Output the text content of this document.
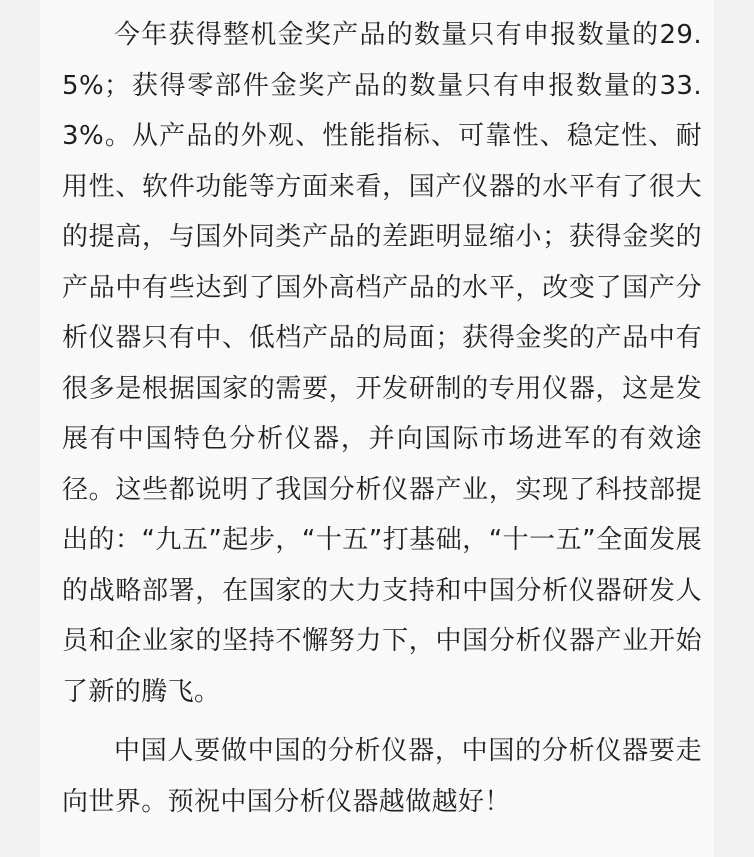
今年获得整机金奖产品的数量只有申报数量的29.5%；获得零部件金奖产品的数量只有申报数量的33.3%。从产品的外观、性能指标、可靠性、稳定性、耐用性、软件功能等方面来看，国产仪器的水平有了很大的提高，与国外同类产品的差距明显缩小；获得金奖的产品中有些达到了国外高档产品的水平，改变了国产分析仪器只有中、低档产品的局面；获得金奖的产品中有很多是根据国家的需要，开发研制的专用仪器，这是发展有中国特色分析仪器，并向国际市场进军的有效途径。这些都说明了我国分析仪器产业，实现了科技部提出的：“九五”起步，“十五”打基础，“十一五”全面发展的战略部署，在国家的大力支持和中国分析仪器研发人员和企业家的坚持不懈努力下，中国分析仪器产业开始了新的腾飞。

中国人要做中国的分析仪器，中国的分析仪器要走向世界。预祝中国分析仪器越做越好！
